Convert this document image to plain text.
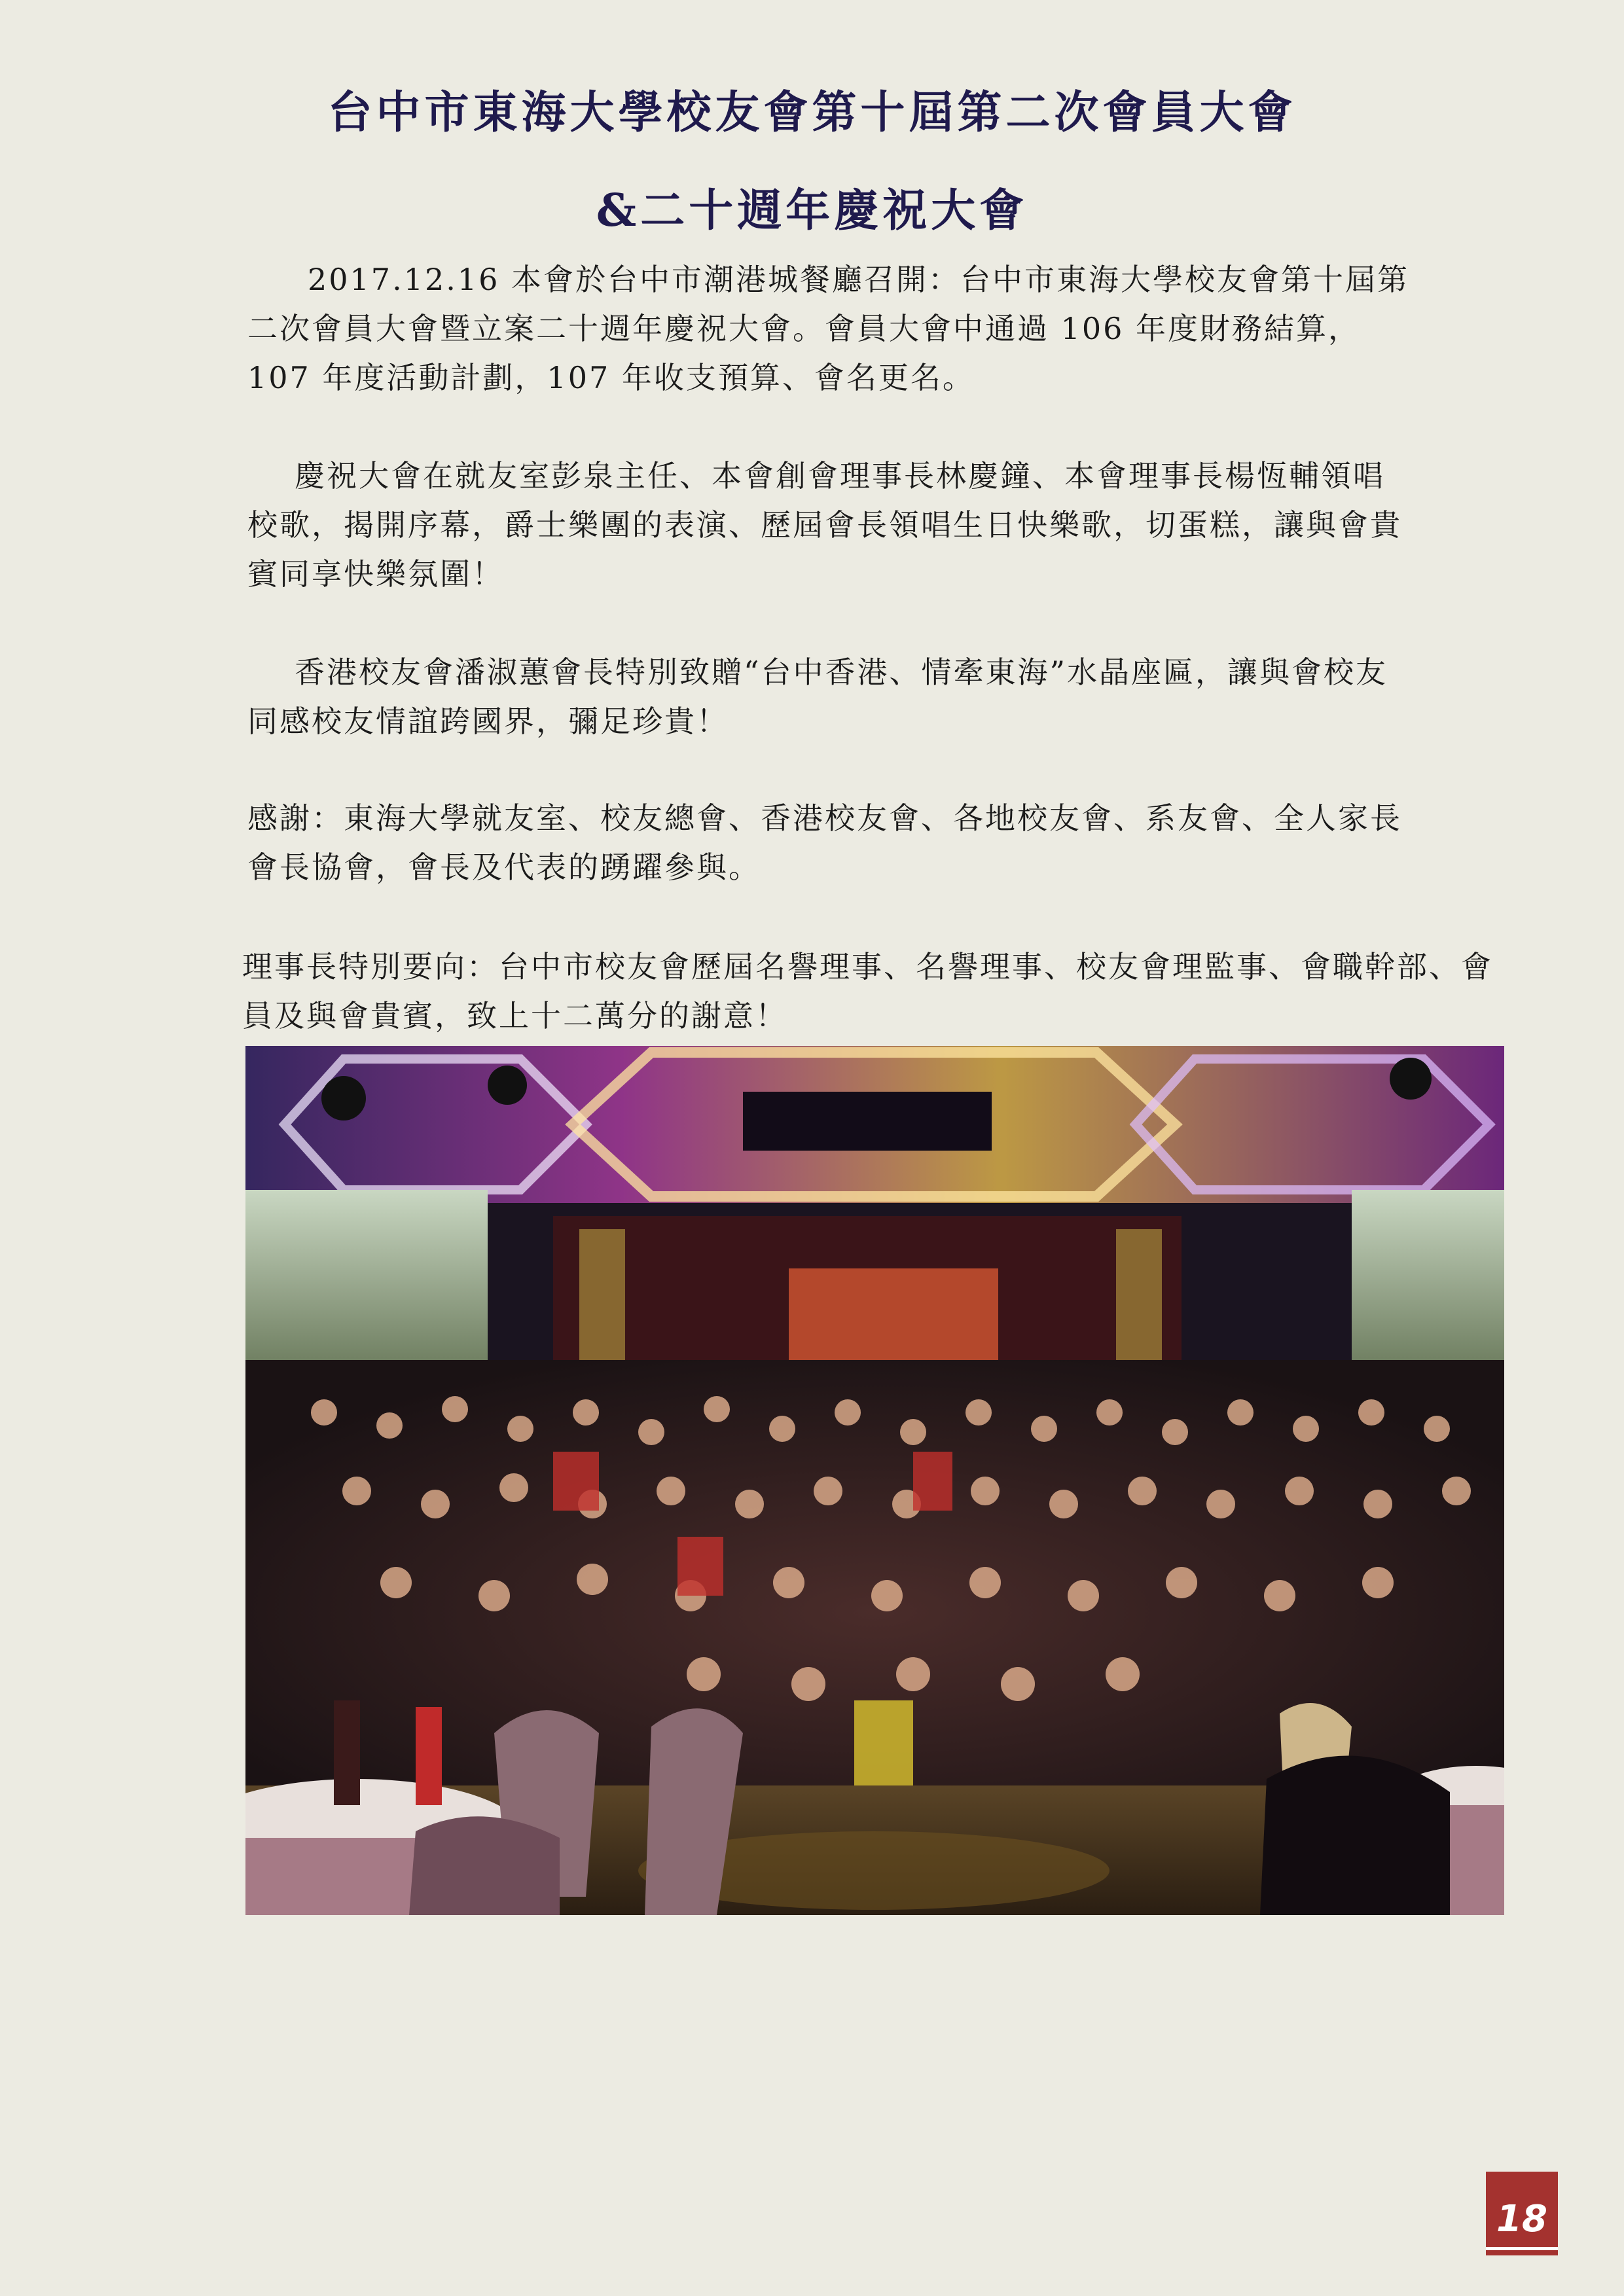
台中市東海大學校友會第十屆第二次會員大會
&二十週年慶祝大會

2017.12.16 本會於台中市潮港城餐廳召開：台中市東海大學校友會第十屆第二次會員大會暨立案二十週年慶祝大會。會員大會中通過 106 年度財務結算，107 年度活動計劃，107 年收支預算、會名更名。

慶祝大會在就友室彭泉主任、本會創會理事長林慶鐘、本會理事長楊恆輔領唱校歌，揭開序幕，爵士樂團的表演、歷屆會長領唱生日快樂歌，切蛋糕，讓與會貴賓同享快樂氛圍！

香港校友會潘淑蕙會長特別致贈“台中香港、情牽東海”水晶座匾，讓與會校友同感校友情誼跨國界，彌足珍貴！

感謝：東海大學就友室、校友總會、香港校友會、各地校友會、系友會、全人家長會長協會，會長及代表的踴躍參與。

理事長特別要向：台中市校友會歷屆名譽理事、名譽理事、校友會理監事、會職幹部、會員及與會貴賓，致上十二萬分的謝意！

18
